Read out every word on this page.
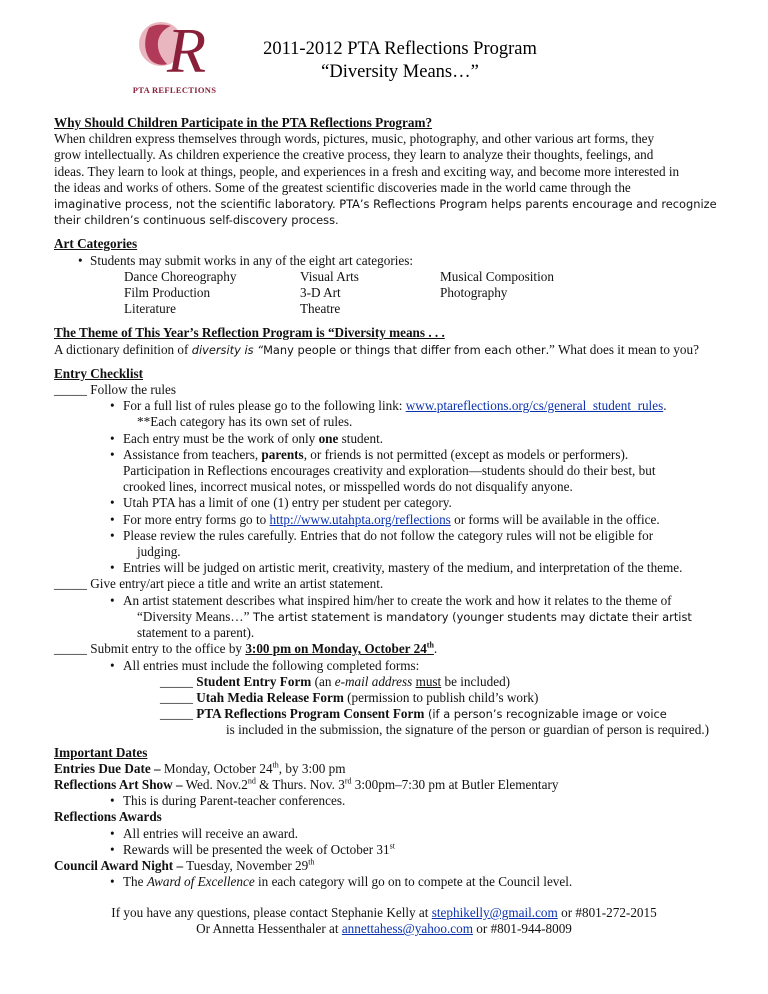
R
PTA REFLECTIONS
2011-2012 PTA Reflections Program
“Diversity Means…”
Why Should Children Participate in the PTA Reflections Program?
When children express themselves through words, pictures, music, photography, and other various art forms, they
grow intellectually. As children experience the creative process, they learn to analyze their thoughts, feelings, and
ideas. They learn to look at things, people, and experiences in a fresh and exciting way, and become more interested in
the ideas and works of others. Some of the greatest scientific discoveries made in the world came through the
imaginative process, not the scientific laboratory. PTA’s Reflections Program helps parents encourage and recognize
their children’s continuous self-discovery process.
Art Categories
• Students may submit works in any of the eight art categories:
Dance Choreography	Visual Arts	Musical Composition
Film Production	3-D Art	Photography
Literature	Theatre
The Theme of This Year’s Reflection Program is “Diversity means . . .
A dictionary definition of diversity is “Many people or things that differ from each other.” What does it mean to you?
Entry Checklist
_____ Follow the rules
• For a full list of rules please go to the following link: www.ptareflections.org/cs/general_student_rules.
**Each category has its own set of rules.
• Each entry must be the work of only one student.
• Assistance from teachers, parents, or friends is not permitted (except as models or performers).
Participation in Reflections encourages creativity and exploration—students should do their best, but
crooked lines, incorrect musical notes, or misspelled words do not disqualify anyone.
• Utah PTA has a limit of one (1) entry per student per category.
• For more entry forms go to http://www.utahpta.org/reflections or forms will be available in the office.
• Please review the rules carefully. Entries that do not follow the category rules will not be eligible for
judging.
• Entries will be judged on artistic merit, creativity, mastery of the medium, and interpretation of the theme.
_____ Give entry/art piece a title and write an artist statement.
• An artist statement describes what inspired him/her to create the work and how it relates to the theme of
“Diversity Means…” The artist statement is mandatory (younger students may dictate their artist
statement to a parent).
_____ Submit entry to the office by 3:00 pm on Monday, October 24th.
• All entries must include the following completed forms:
_____ Student Entry Form (an e-mail address must be included)
_____ Utah Media Release Form (permission to publish child’s work)
_____ PTA Reflections Program Consent Form (if a person’s recognizable image or voice
is included in the submission, the signature of the person or guardian of person is required.)
Important Dates
Entries Due Date – Monday, October 24th, by 3:00 pm
Reflections Art Show – Wed. Nov.2nd & Thurs. Nov. 3rd 3:00pm–7:30 pm at Butler Elementary
• This is during Parent-teacher conferences.
Reflections Awards
• All entries will receive an award.
• Rewards will be presented the week of October 31st
Council Award Night – Tuesday, November 29th
• The Award of Excellence in each category will go on to compete at the Council level.
If you have any questions, please contact Stephanie Kelly at stephikelly@gmail.com or #801-272-2015
Or Annetta Hessenthaler at annettahess@yahoo.com or #801-944-8009
